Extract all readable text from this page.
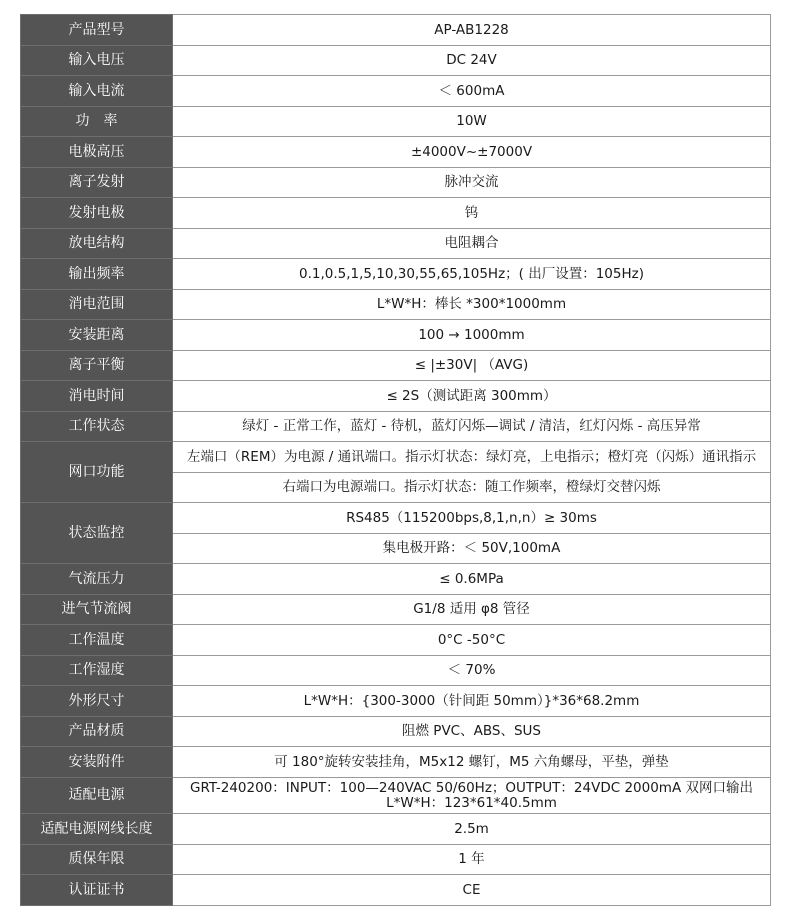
产品型号	AP-AB1228
输入电压	DC 24V
输入电流	＜ 600mA
功　率	10W
电极高压	±4000V~±7000V
离子发射	脉冲交流
发射电极	钨
放电结构	电阻耦合
输出频率	0.1,0.5,1,5,10,30,55,65,105Hz；( 出厂设置：105Hz)
消电范围	L*W*H：棒长 *300*1000mm
安装距离	100 → 1000mm
离子平衡	≤ |±30V| （AVG)
消电时间	≤ 2S（测试距离 300mm）
工作状态	绿灯 - 正常工作，蓝灯 - 待机，蓝灯闪烁—调试 / 清洁，红灯闪烁 - 高压异常
网口功能	左端口（REM）为电源 / 通讯端口。指示灯状态：绿灯亮，上电指示；橙灯亮（闪烁）通讯指示
	右端口为电源端口。指示灯状态：随工作频率，橙绿灯交替闪烁
状态监控	RS485（115200bps,8,1,n,n）≥ 30ms
	集电极开路：＜ 50V,100mA
气流压力	≤ 0.6MPa
进气节流阀	G1/8 适用 φ8 管径
工作温度	0°C -50°C
工作湿度	＜ 70%
外形尺寸	L*W*H：{300-3000（针间距 50mm）}*36*68.2mm
产品材质	阻燃 PVC、ABS、SUS
安装附件	可 180°旋转安装挂角，M5x12 螺钉，M5 六角螺母，平垫，弹垫
适配电源	GRT-240200：INPUT：100—240VAC 50/60Hz；OUTPUT：24VDC 2000mA 双网口输出
L*W*H：123*61*40.5mm
适配电源网线长度	2.5m
质保年限	1 年
认证证书	CE
